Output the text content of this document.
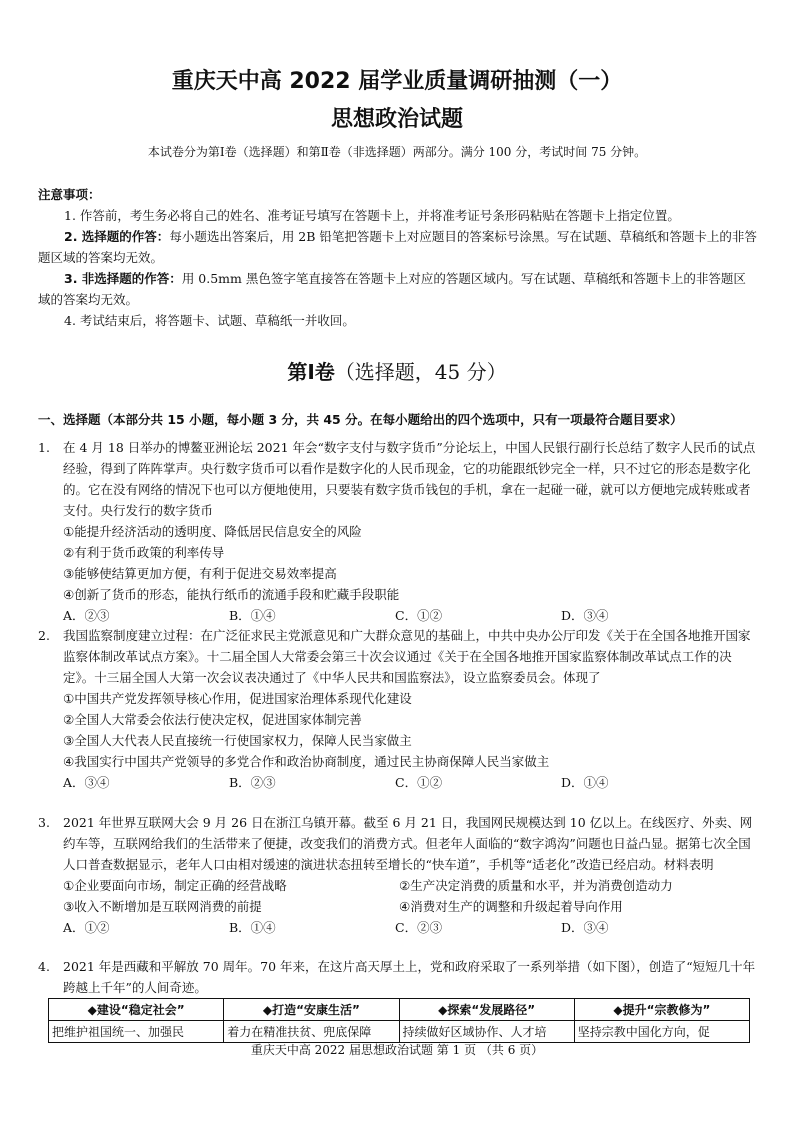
重庆天中高 2022 届学业质量调研抽测（一）
思想政治试题
本试卷分为第Ⅰ卷（选择题）和第Ⅱ卷（非选择题）两部分。满分 100 分，考试时间 75 分钟。

注意事项：

1. 作答前，考生务必将自己的姓名、准考证号填写在答题卡上，并将准考证号条形码粘贴在答题卡上指定位置。

2. 选择题的作答：每小题选出答案后，用 2B 铅笔把答题卡上对应题目的答案标号涂黑。写在试题、草稿纸和答题卡上的非答题区域的答案均无效。

3. 非选择题的作答：用 0.5mm 黑色签字笔直接答在答题卡上对应的答题区域内。写在试题、草稿纸和答题卡上的非答题区域的答案均无效。

4. 考试结束后，将答题卡、试题、草稿纸一并收回。

第Ⅰ卷（选择题，45 分）
一、选择题（本部分共 15 小题，每小题 3 分，共 45 分。在每小题给出的四个选项中，只有一项最符合题目要求）
1. 在 4 月 18 日举办的博鳌亚洲论坛 2021 年会“数字支付与数字货币”分论坛上，中国人民银行副行长总结了数字人民币的试点经验，得到了阵阵掌声。央行数字货币可以看作是数字化的人民币现金，它的功能跟纸钞完全一样，只不过它的形态是数字化的。它在没有网络的情况下也可以方便地使用，只要装有数字货币钱包的手机，拿在一起碰一碰，就可以方便地完成转账或者支付。央行发行的数字货币
①能提升经济活动的透明度、降低居民信息安全的风险
②有利于货币政策的利率传导
③能够使结算更加方便，有利于促进交易效率提高
④创新了货币的形态，能执行纸币的流通手段和贮藏手段职能
A．②③	B．①④	C．①②	D．③④
2. 我国监察制度建立过程：在广泛征求民主党派意见和广大群众意见的基础上，中共中央办公厅印发《关于在全国各地推开国家监察体制改革试点方案》。十二届全国人大常委会第三十次会议通过《关于在全国各地推开国家监察体制改革试点工作的决定》。十三届全国人大第一次会议表决通过了《中华人民共和国监察法》，设立监察委员会。体现了
①中国共产党发挥领导核心作用，促进国家治理体系现代化建设
②全国人大常委会依法行使决定权，促进国家体制完善
③全国人大代表人民直接统一行使国家权力，保障人民当家做主
④我国实行中国共产党领导的多党合作和政治协商制度，通过民主协商保障人民当家做主
A．③④	B．②③	C．①②	D．①④
3. 2021 年世界互联网大会 9 月 26 日在浙江乌镇开幕。截至 6 月 21 日，我国网民规模达到 10 亿以上。在线医疗、外卖、网约车等，互联网给我们的生活带来了便捷，改变我们的消费方式。但老年人面临的“数字鸿沟”问题也日益凸显。据第七次全国人口普查数据显示，老年人口由相对缓速的演进状态扭转至增长的“快车道”，手机等“适老化”改造已经启动。材料表明
①企业要面向市场，制定正确的经营战略	②生产决定消费的质量和水平，并为消费创造动力
③收入不断增加是互联网消费的前提	④消费对生产的调整和升级起着导向作用
A．①②	B．①④	C．②③	D．③④
4. 2021 年是西藏和平解放 70 周年。70 年来，在这片高天厚土上，党和政府采取了一系列举措（如下图），创造了“短短几十年跨越上千年”的人间奇迹。
◆建设“稳定社会”	◆打造“安康生活”	◆探索“发展路径”	◆提升“宗教修为”
把维护祖国统一、加强民	着力在精准扶贫、兜底保障	持续做好区域协作、人才培	坚持宗教中国化方向，促
重庆天中高 2022 届思想政治试题 第 1 页 （共 6 页）
